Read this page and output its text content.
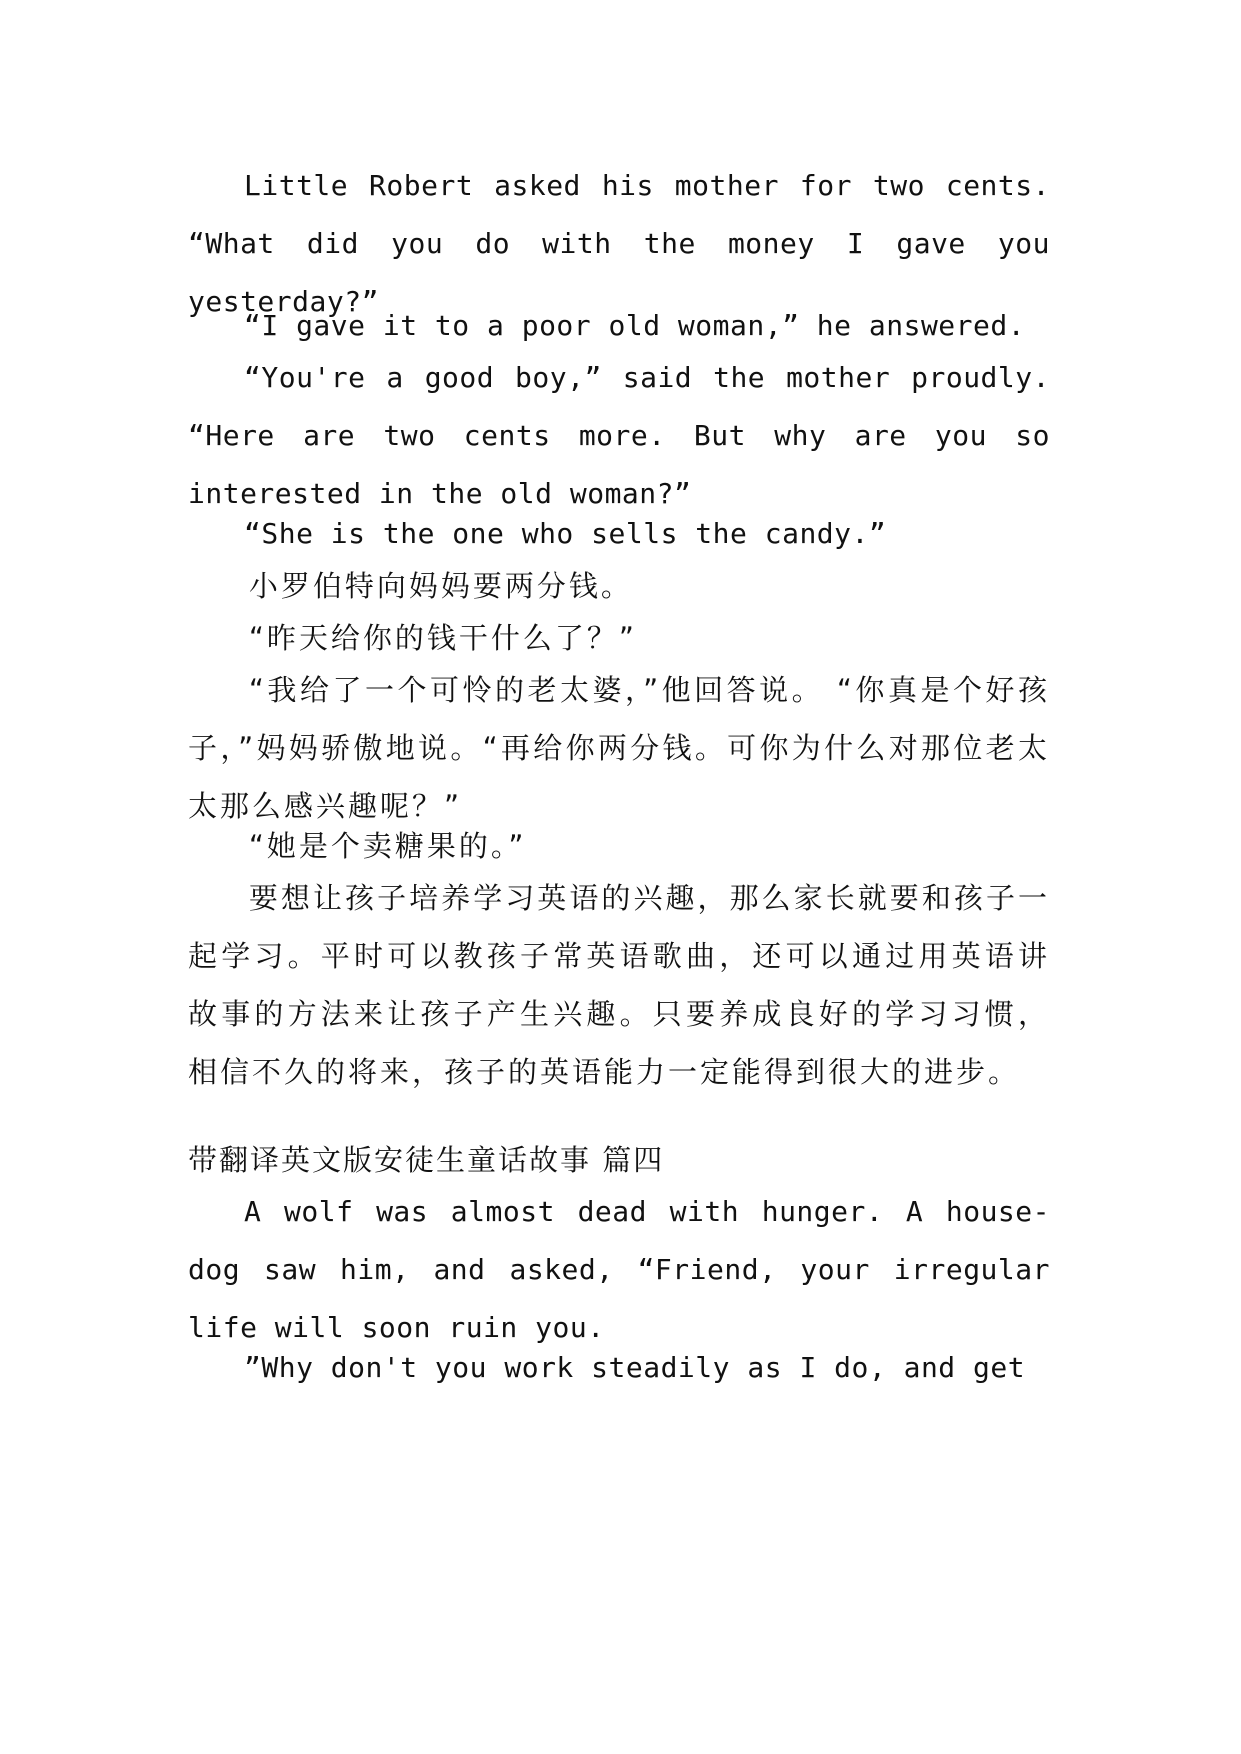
Little Robert asked his mother for two cents. “What did you do with the money I gave you yesterday?”

“I gave it to a poor old woman,” he answered.

“You're a good boy,” said the mother proudly. “Here are two cents more. But why are you so interested in the old woman?”

“She is the one who sells the candy.”

小罗伯特向妈妈要两分钱。

“昨天给你的钱干什么了？”

“我给了一个可怜的老太婆，”他回答说。 “你真是个好孩子，”妈妈骄傲地说。“再给你两分钱。可你为什么对那位老太太那么感兴趣呢？”

“她是个卖糖果的。”

要想让孩子培养学习英语的兴趣，那么家长就要和孩子一起学习。平时可以教孩子常英语歌曲，还可以通过用英语讲故事的方法来让孩子产生兴趣。只要养成良好的学习习惯，相信不久的将来，孩子的英语能力一定能得到很大的进步。

带翻译英文版安徒生童话故事 篇四

A wolf was almost dead with hunger. A house-dog saw him, and asked, “Friend, your irregular life will soon ruin you.

”Why don't you work steadily as I do, and get
